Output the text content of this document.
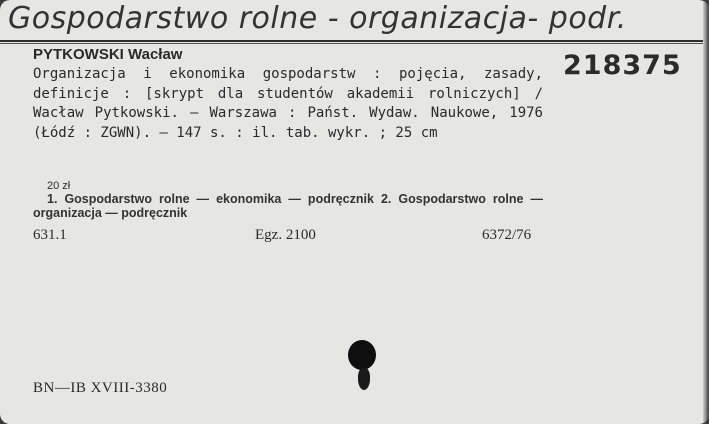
Gospodarstwo rolne - organizacja- podr.
218375
PYTKOWSKI Wacław
Organizacja i ekonomika gospodarstw : pojęcia, zasady, definicje : [skrypt dla studentów akademii rolniczych] / Wacław Pytkowski. – Warszawa : Państ. Wydaw. Naukowe, 1976 (Łódź : ZGWN). – 147 s. : il. tab. wykr. ; 25 cm
20 zł
1. Gospodarstwo rolne — ekonomika — podręcznik 2. Gospodarstwo rolne — organizacja — podręcznik
631.1	Egz. 2100	6372/76
BN—IB XVIII-3380
